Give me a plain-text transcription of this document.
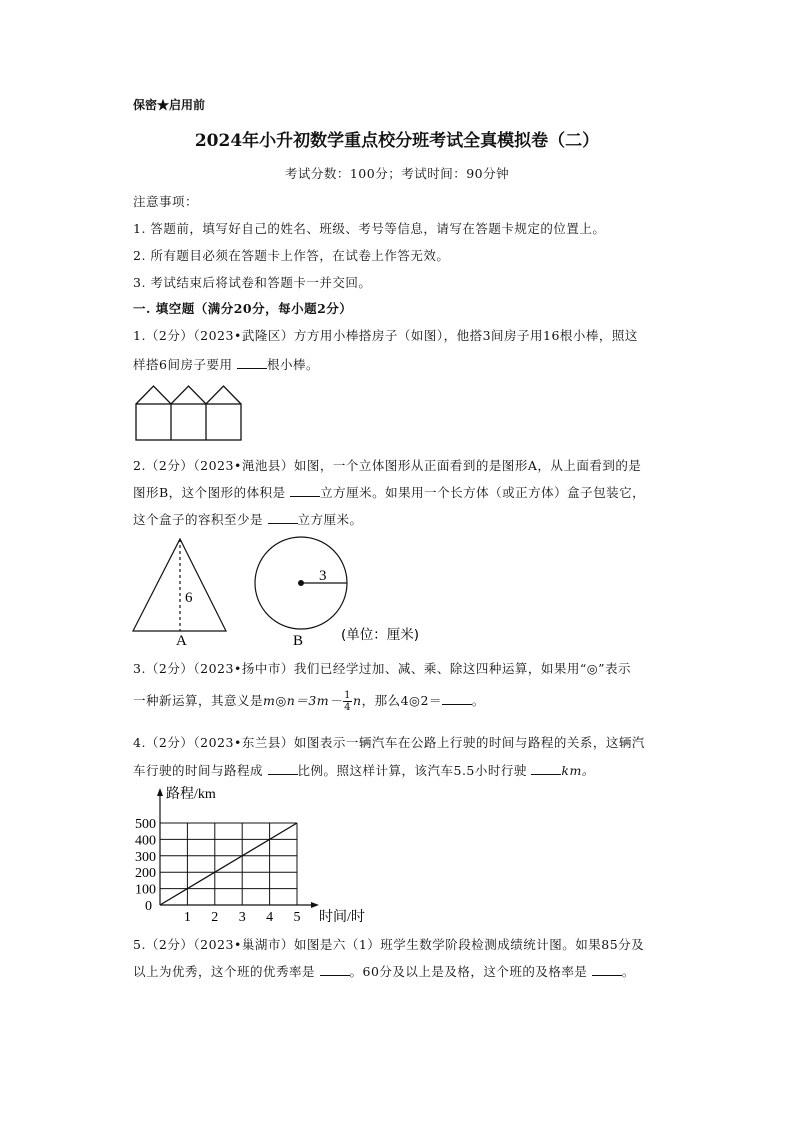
保密★启用前
2024年小升初数学重点校分班考试全真模拟卷（二）
考试分数：100分；考试时间：90分钟
注意事项：
1. 答题前，填写好自己的姓名、班级、考号等信息，请写在答题卡规定的位置上。
2. 所有题目必须在答题卡上作答，在试卷上作答无效。
3. 考试结束后将试卷和答题卡一并交回。
一. 填空题（满分20分，每小题2分）
1.（2分）（2023•武隆区）方方用小棒搭房子（如图），他搭3间房子用16根小棒，照这
样搭6间房子要用	根小棒。
2.（2分）（2023•渑池县）如图，一个立体图形从正面看到的是图形A，从上面看到的是
图形B，这个图形的体积是	立方厘米。如果用一个长方体（或正方体）盒子包装它，
这个盒子的容积至少是	立方厘米。
6
A
3
B	(单位：厘米)
3.（2分）（2023•扬中市）我们已经学过加、减、乘、除这四种运算，如果用“◎”表示
一种新运算，其意义是m◎n＝3m－ $\frac{1}{4}$ n，那么4◎2＝ 。
4.（2分）（2023•东兰县）如图表示一辆汽车在公路上行驶的时间与路程的关系，这辆汽
车行驶的时间与路程成	比例。照这样计算，该汽车5.5小时行驶	km。
100
200
300
400
500
1 2 3 4 5
0
路程/km
时间/时
5.（2分）（2023•巢湖市）如图是六（1）班学生数学阶段检测成绩统计图。如果85分及
以上为优秀，这个班的优秀率是	。60分及以上是及格，这个班的及格率是	。
